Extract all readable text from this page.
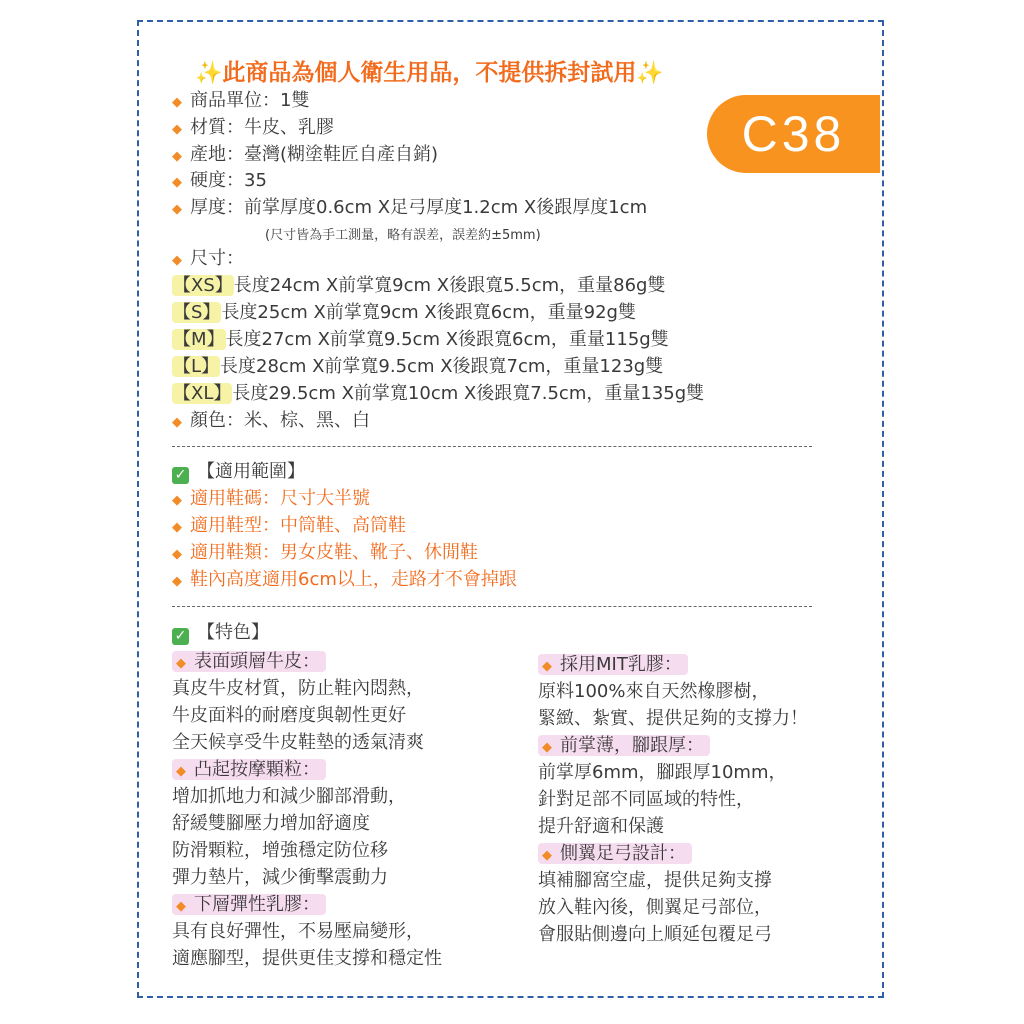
✨此商品為個人衛生用品，不提供拆封試用✨
C38
◆ 商品單位：1雙
◆ 材質：牛皮、乳膠
◆ 產地：臺灣(糊塗鞋匠自產自銷)
◆ 硬度：35
◆ 厚度：前掌厚度0.6cm X足弓厚度1.2cm X後跟厚度1cm
(尺寸皆為手工測量，略有誤差，誤差約±5mm)
◆ 尺寸：
【XS】長度24cm X前掌寬9cm X後跟寬5.5cm，重量86g雙
【S】長度25cm X前掌寬9cm X後跟寬6cm，重量92g雙
【M】長度27cm X前掌寬9.5cm X後跟寬6cm，重量115g雙
【L】長度28cm X前掌寬9.5cm X後跟寬7cm，重量123g雙
【XL】長度29.5cm X前掌寬10cm X後跟寬7.5cm，重量135g雙
◆ 顏色：米、棕、黑、白
✓ 【適用範圍】
◆ 適用鞋碼：尺寸大半號
◆ 適用鞋型：中筒鞋、高筒鞋
◆ 適用鞋類：男女皮鞋、靴子、休閒鞋
◆ 鞋內高度適用6cm以上，走路才不會掉跟
✓ 【特色】
◆ 表面頭層牛皮：
真皮牛皮材質，防止鞋內悶熱，
牛皮面料的耐磨度與韌性更好
全天候享受牛皮鞋墊的透氣清爽
◆ 凸起按摩顆粒：
增加抓地力和減少腳部滑動，
舒緩雙腳壓力增加舒適度
防滑顆粒，增強穩定防位移
彈力墊片，減少衝擊震動力
◆ 下層彈性乳膠：
具有良好彈性，不易壓扁變形，
適應腳型，提供更佳支撐和穩定性
◆ 採用MIT乳膠：
原料100%來自天然橡膠樹，
緊緻、紮實、提供足夠的支撐力！
◆ 前掌薄，腳跟厚：
前掌厚6mm，腳跟厚10mm，
針對足部不同區域的特性，
提升舒適和保護
◆ 側翼足弓設計：
填補腳窩空虛，提供足夠支撐
放入鞋內後，側翼足弓部位，
會服貼側邊向上順延包覆足弓
